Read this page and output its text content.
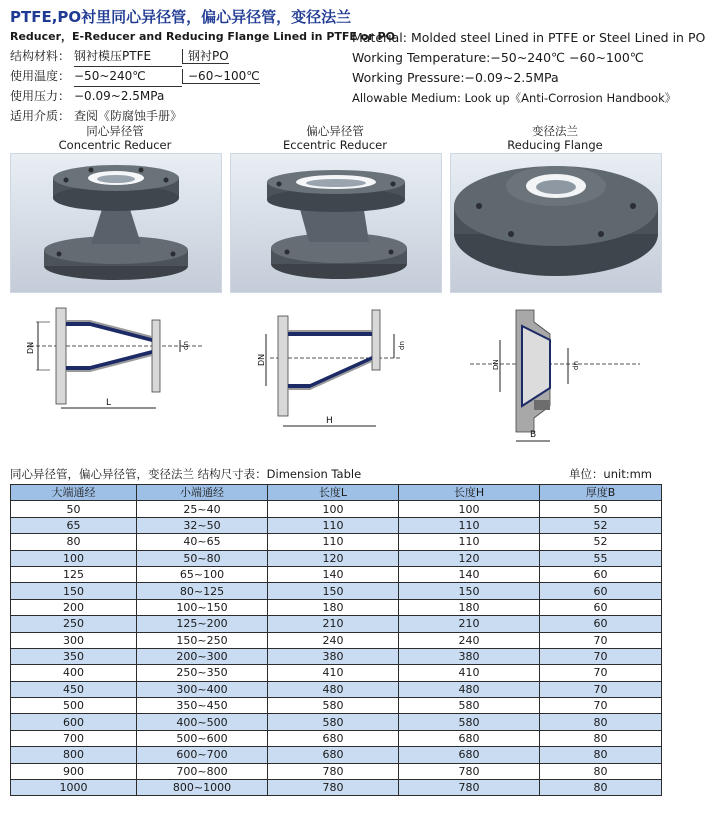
PTFE,PO衬里同心异径管，偏心异径管，变径法兰
Reducer，E-Reducer and Reducing Flange Lined in PTFE or PO
结构材料： 钢衬模压PTFE	钢衬PO
使用温度： −50~240℃	−60~100℃
使用压力： −0.09~2.5MPa
适用介质： 查阅《防腐蚀手册》
Material: Molded steel Lined in PTFE or Steel Lined in PO
Working Temperature:−50~240℃ −60~100℃
Working Pressure:−0.09~2.5MPa
Allowable Medium: Look up《Anti-Corrosion Handbook》
同心异径管
Concentric Reducer
偏心异径管
Eccentric Reducer
变径法兰
Reducing Flange
DN	dn
L
DN
dn
H
DN	dn
B
同心异径管，偏心异径管，变径法兰 结构尺寸表：Dimension Table	单位：unit:mm
大端通经	小端通经	长度L	长度H	厚度B
50	25~40	100	100	50
65	32~50	110	110	52
80	40~65	110	110	52
100	50~80	120	120	55
125	65~100	140	140	60
150	80~125	150	150	60
200	100~150	180	180	60
250	125~200	210	210	60
300	150~250	240	240	70
350	200~300	380	380	70
400	250~350	410	410	70
450	300~400	480	480	70
500	350~450	580	580	70
600	400~500	580	580	80
700	500~600	680	680	80
800	600~700	680	680	80
900	700~800	780	780	80
1000	800~1000	780	780	80
